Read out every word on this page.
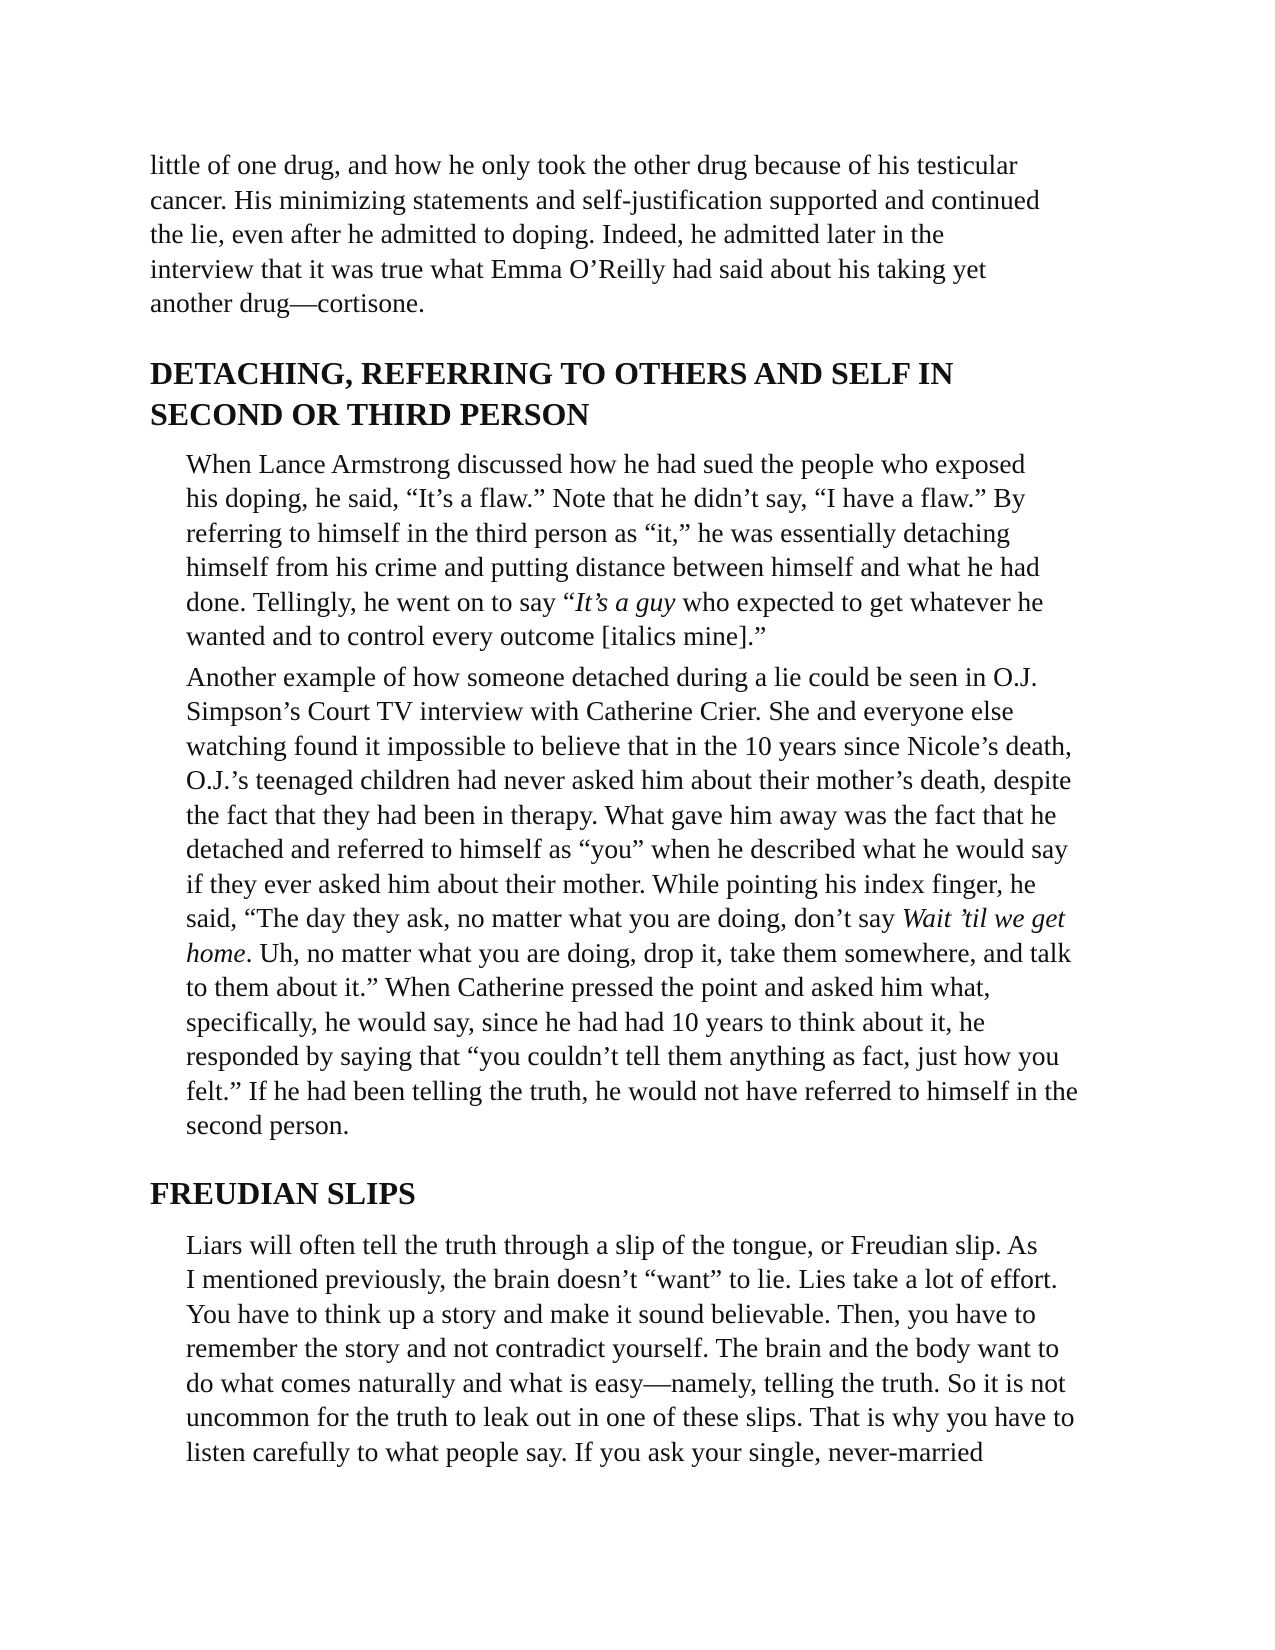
little of one drug, and how he only took the other drug because of his testicular
cancer. His minimizing statements and self-justification supported and continued
the lie, even after he admitted to doping. Indeed, he admitted later in the
interview that it was true what Emma O’Reilly had said about his taking yet
another drug—cortisone.

DETACHING, REFERRING TO OTHERS AND SELF IN
SECOND OR THIRD PERSON

When Lance Armstrong discussed how he had sued the people who exposed
his doping, he said, “It’s a flaw.” Note that he didn’t say, “I have a flaw.” By
referring to himself in the third person as “it,” he was essentially detaching
himself from his crime and putting distance between himself and what he had
done. Tellingly, he went on to say “It’s a guy who expected to get whatever he
wanted and to control every outcome [italics mine].”

Another example of how someone detached during a lie could be seen in O.J.
Simpson’s Court TV interview with Catherine Crier. She and everyone else
watching found it impossible to believe that in the 10 years since Nicole’s death,
O.J.’s teenaged children had never asked him about their mother’s death, despite
the fact that they had been in therapy. What gave him away was the fact that he
detached and referred to himself as “you” when he described what he would say
if they ever asked him about their mother. While pointing his index finger, he
said, “The day they ask, no matter what you are doing, don’t say Wait ’til we get
home. Uh, no matter what you are doing, drop it, take them somewhere, and talk
to them about it.” When Catherine pressed the point and asked him what,
specifically, he would say, since he had had 10 years to think about it, he
responded by saying that “you couldn’t tell them anything as fact, just how you
felt.” If he had been telling the truth, he would not have referred to himself in the
second person.

FREUDIAN SLIPS

Liars will often tell the truth through a slip of the tongue, or Freudian slip. As
I mentioned previously, the brain doesn’t “want” to lie. Lies take a lot of effort.
You have to think up a story and make it sound believable. Then, you have to
remember the story and not contradict yourself. The brain and the body want to
do what comes naturally and what is easy—namely, telling the truth. So it is not
uncommon for the truth to leak out in one of these slips. That is why you have to
listen carefully to what people say. If you ask your single, never-married
